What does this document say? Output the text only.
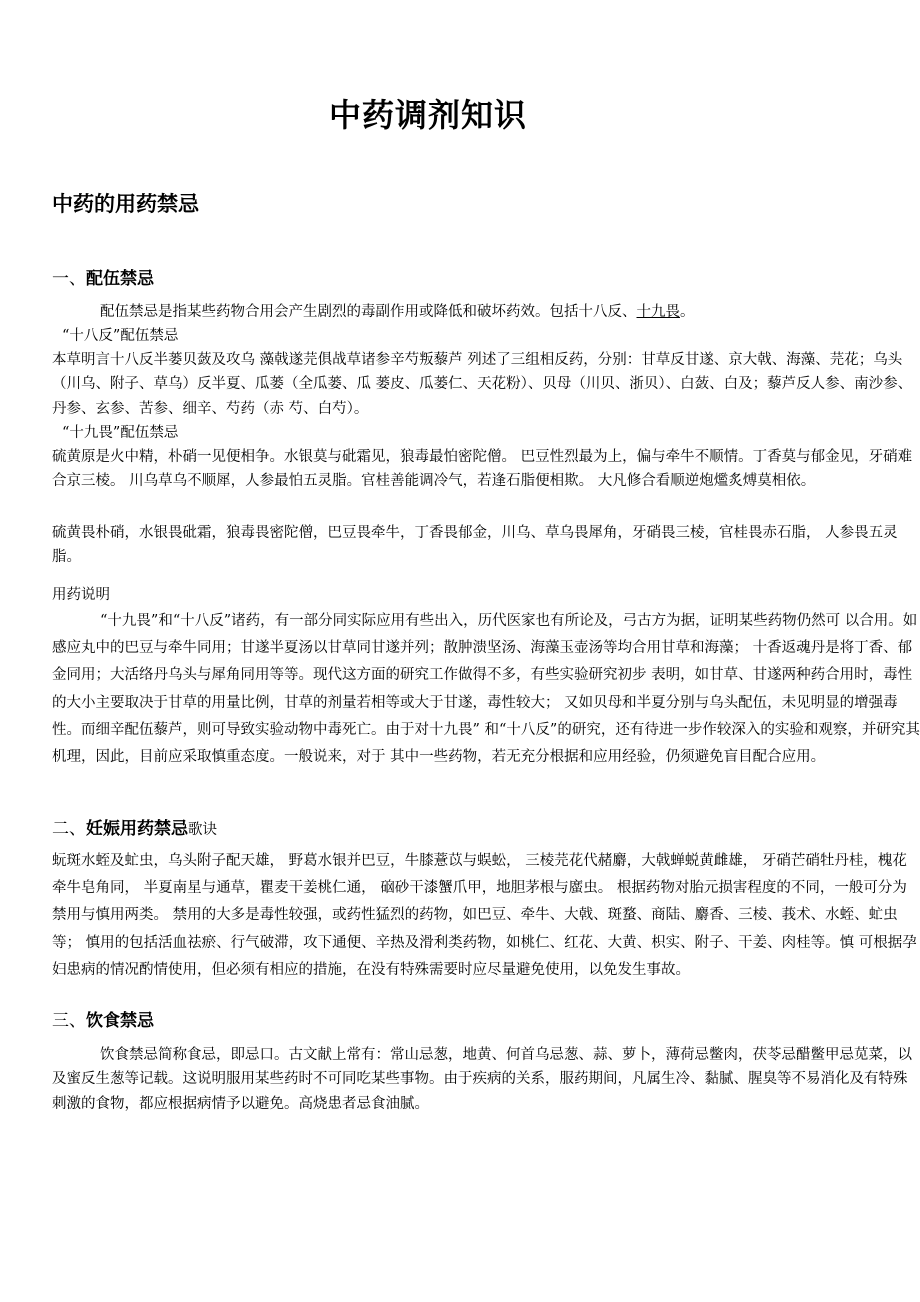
中药调剂知识
中药的用药禁忌
一、配伍禁忌

配伍禁忌是指某些药物合用会产生剧烈的毒副作用或降低和破坏药效。包括十八反、十九畏。

“十八反”配伍禁忌

本草明言十八反半蒌贝蔹及攻乌 藻戟遂芫俱战草诸参辛芍叛藜芦 列述了三组相反药，分别：甘草反甘遂、京大戟、海藻、芫花；乌头（川乌、附子、草乌）反半夏、瓜蒌（全瓜蒌、瓜 蒌皮、瓜蒌仁、天花粉）、贝母（川贝、浙贝）、白蔹、白及；藜芦反人参、南沙参、丹参、玄参、苦参、细辛、芍药（赤 芍、白芍）。

“十九畏”配伍禁忌

硫黄原是火中精，朴硝一见便相争。水银莫与砒霜见，狼毒最怕密陀僧。 巴豆性烈最为上，偏与牵牛不顺情。丁香莫与郁金见，牙硝难合京三棱。 川乌草乌不顺犀，人参最怕五灵脂。官桂善能调冷气，若逢石脂便相欺。 大凡修合看顺逆炮爁炙煿莫相依。

硫黄畏朴硝，水银畏砒霜，狼毒畏密陀僧，巴豆畏牵牛，丁香畏郁金，川乌、草乌畏犀角，牙硝畏三棱，官桂畏赤石脂， 人参畏五灵脂。

用药说明

“十九畏”和“十八反”诸药，有一部分同实际应用有些出入，历代医家也有所论及，弓古方为据，证明某些药物仍然可 以合用。如感应丸中的巴豆与牵牛同用；甘遂半夏汤以甘草同甘遂并列；散肿溃坚汤、海藻玉壶汤等均合用甘草和海藻； 十香返魂丹是将丁香、郁金同用；大活络丹乌头与犀角同用等等。现代这方面的研究工作做得不多，有些实验研究初步 表明，如甘草、甘遂两种药合用时，毒性的大小主要取决于甘草的用量比例，甘草的剂量若相等或大于甘遂，毒性较大； 又如贝母和半夏分别与乌头配伍，未见明显的增强毒性。而细辛配伍藜芦，则可导致实验动物中毒死亡。由于对十九畏” 和“十八反”的研究，还有待进一步作较深入的实验和观察，并研究其机理，因此，目前应采取慎重态度。一般说来，对于 其中一些药物，若无充分根据和应用经验，仍须避免盲目配合应用。

二、妊娠用药禁忌歌诀

蚖斑水蛭及虻虫，乌头附子配天雄， 野葛水银并巴豆，牛膝薏苡与蜈蚣， 三棱芫花代赭麝，大戟蝉蜕黄雌雄， 牙硝芒硝牡丹桂，槐花牵牛皂角同， 半夏南星与通草，瞿麦干姜桃仁通， 硇砂干漆蟹爪甲，地胆茅根与䗪虫。 根据药物对胎元损害程度的不同，一般可分为禁用与慎用两类。 禁用的大多是毒性较强，或药性猛烈的药物，如巴豆、牵牛、大戟、斑蝥、商陆、麝香、三棱、莪术、水蛭、虻虫等； 慎用的包括活血祛瘀、行气破滞，攻下通便、辛热及滑利类药物，如桃仁、红花、大黄、枳实、附子、干姜、肉桂等。慎 可根据孕妇患病的情况酌情使用，但必须有相应的措施，在没有特殊需要时应尽量避免使用，以免发生事故。

三、饮食禁忌

饮食禁忌简称食忌，即忌口。古文献上常有：常山忌葱，地黄、何首乌忌葱、蒜、萝卜，薄荷忌鳖肉，茯苓忌醋鳖甲忌苋菜，以及蜜反生葱等记载。这说明服用某些药时不可同吃某些事物。由于疾病的关系，服药期间，凡属生冷、黏腻、腥臭等不易消化及有特殊刺激的食物，都应根据病情予以避免。高烧患者忌食油腻。
